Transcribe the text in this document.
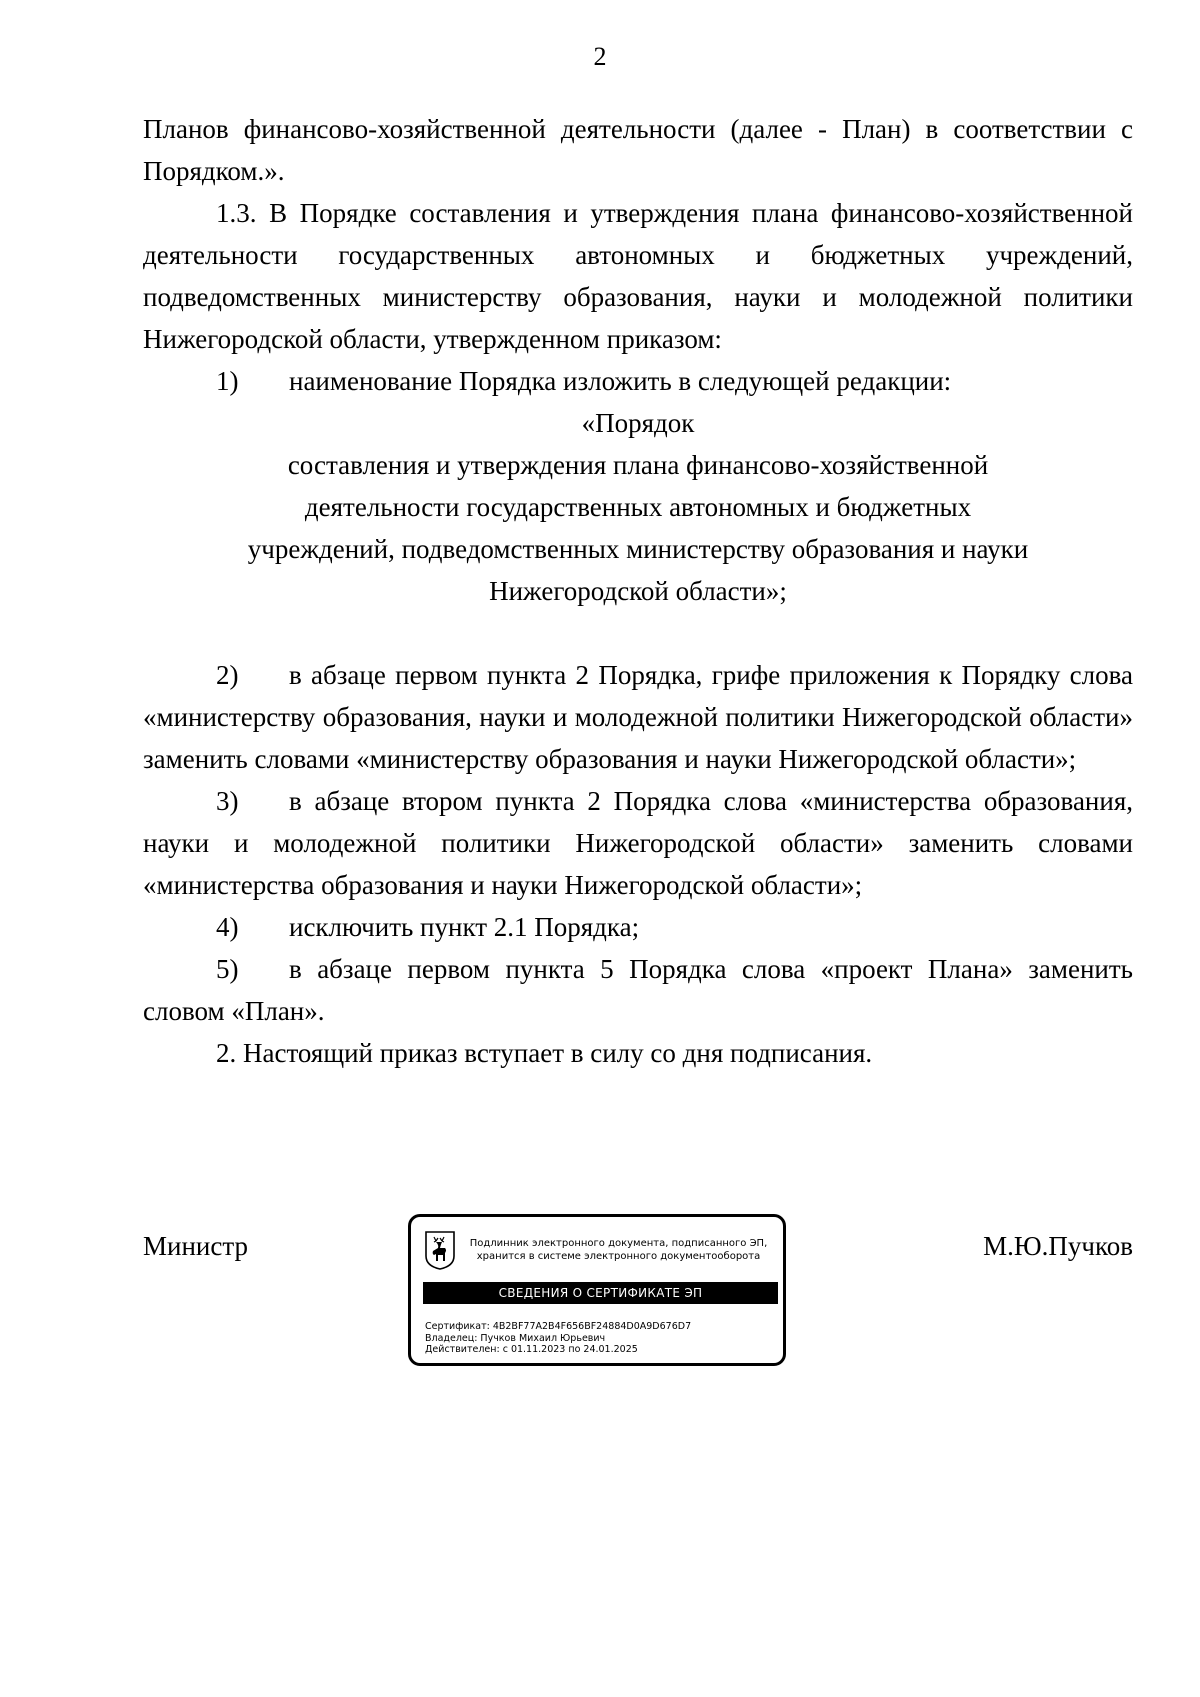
2

Планов финансово-хозяйственной деятельности (далее - План) в соответствии с Порядком.».

1.3. В Порядке составления и утверждения плана финансово-хозяйственной деятельности государственных автономных и бюджетных учреждений, подведомственных министерству образования, науки и молодежной политики Нижегородской области, утвержденном приказом:

1) наименование Порядка изложить в следующей редакции:

«Порядок
составления и утверждения плана финансово-хозяйственной
деятельности государственных автономных и бюджетных
учреждений, подведомственных министерству образования и науки
Нижегородской области»;

2) в абзаце первом пункта 2 Порядка, грифе приложения к Порядку слова «министерству образования, науки и молодежной политики Нижегородской области» заменить словами «министерству образования и науки Нижегородской области»;

3) в абзаце втором пункта 2 Порядка слова «министерства образования, науки и молодежной политики Нижегородской области» заменить словами «министерства образования и науки Нижегородской области»;

4) исключить пункт 2.1 Порядка;

5) в абзаце первом пункта 5 Порядка слова «проект Плана» заменить словом «План».

2. Настоящий приказ вступает в силу со дня подписания.

Министр	Подлинник электронного документа, подписанного ЭП,
хранится в системе электронного документооборота
СВЕДЕНИЯ О СЕРТИФИКАТЕ ЭП
Сертификат: 4B2BF77A2B4F656BF24884D0A9D676D7
Владелец: Пучков Михаил Юрьевич
Действителен: с 01.11.2023 по 24.01.2025
М.Ю.Пучков
